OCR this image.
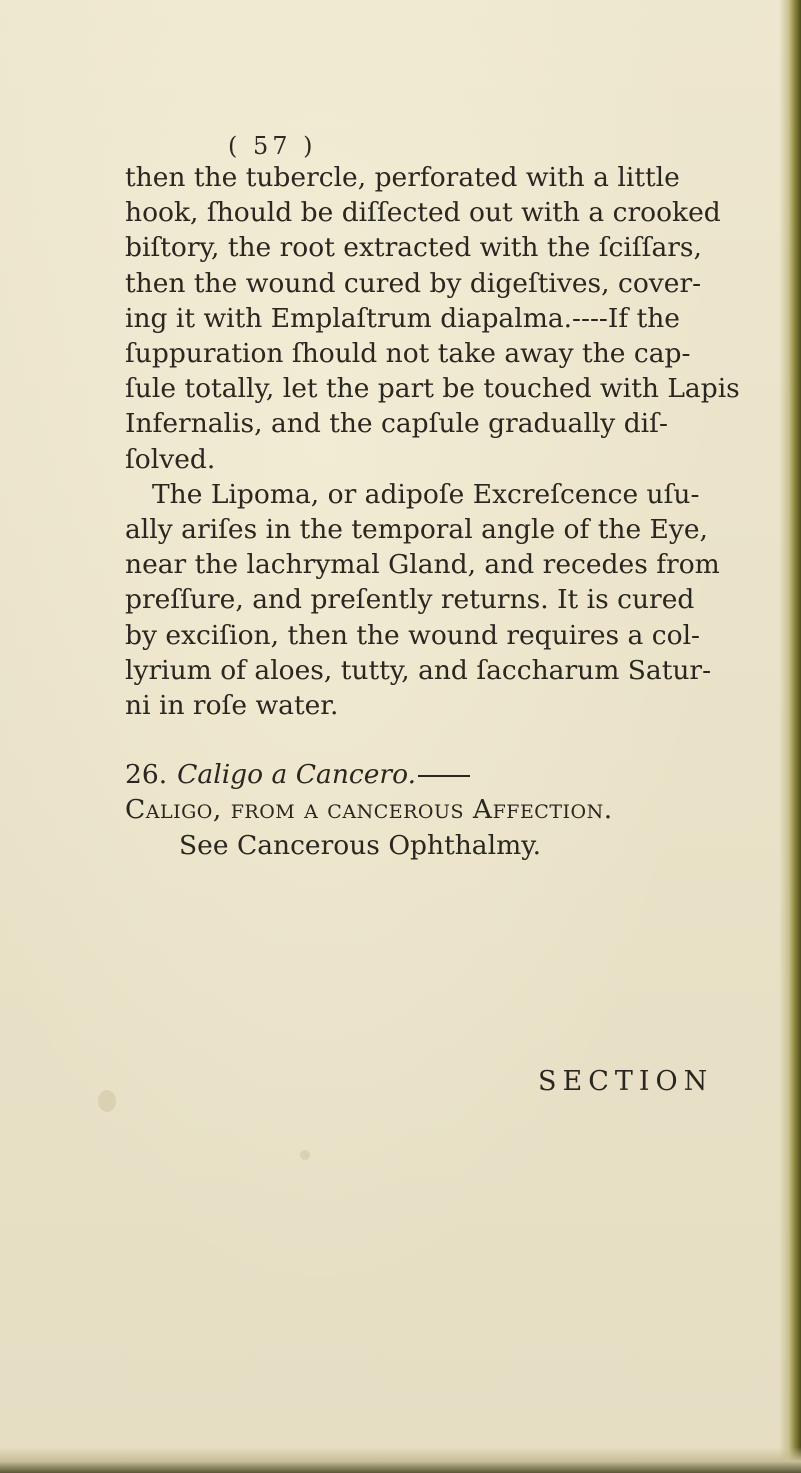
( 57 )
then the tubercle, perforated with a little
hook, ſhould be diſſected out with a crooked
biſtory, the root extracted with the ſciſſars,
then the wound cured by digeſtives, cover-
ing it with Emplaſtrum diapalma.----If the
ſuppuration ſhould not take away the cap-
ſule totally, let the part be touched with Lapis
Infernalis, and the capſule gradually diſ-
ſolved.
The Lipoma, or adipoſe Excreſcence uſu-
ally ariſes in the temporal angle of the Eye,
near the lachrymal Gland, and recedes from
preſſure, and preſently returns. It is cured
by exciſion, then the wound requires a col-
lyrium of aloes, tutty, and ſaccharum Satur-
ni in roſe water.
26. Caligo a Cancero.
Caligo, from a cancerous Affection.
See Cancerous Ophthalmy.
SECTION
